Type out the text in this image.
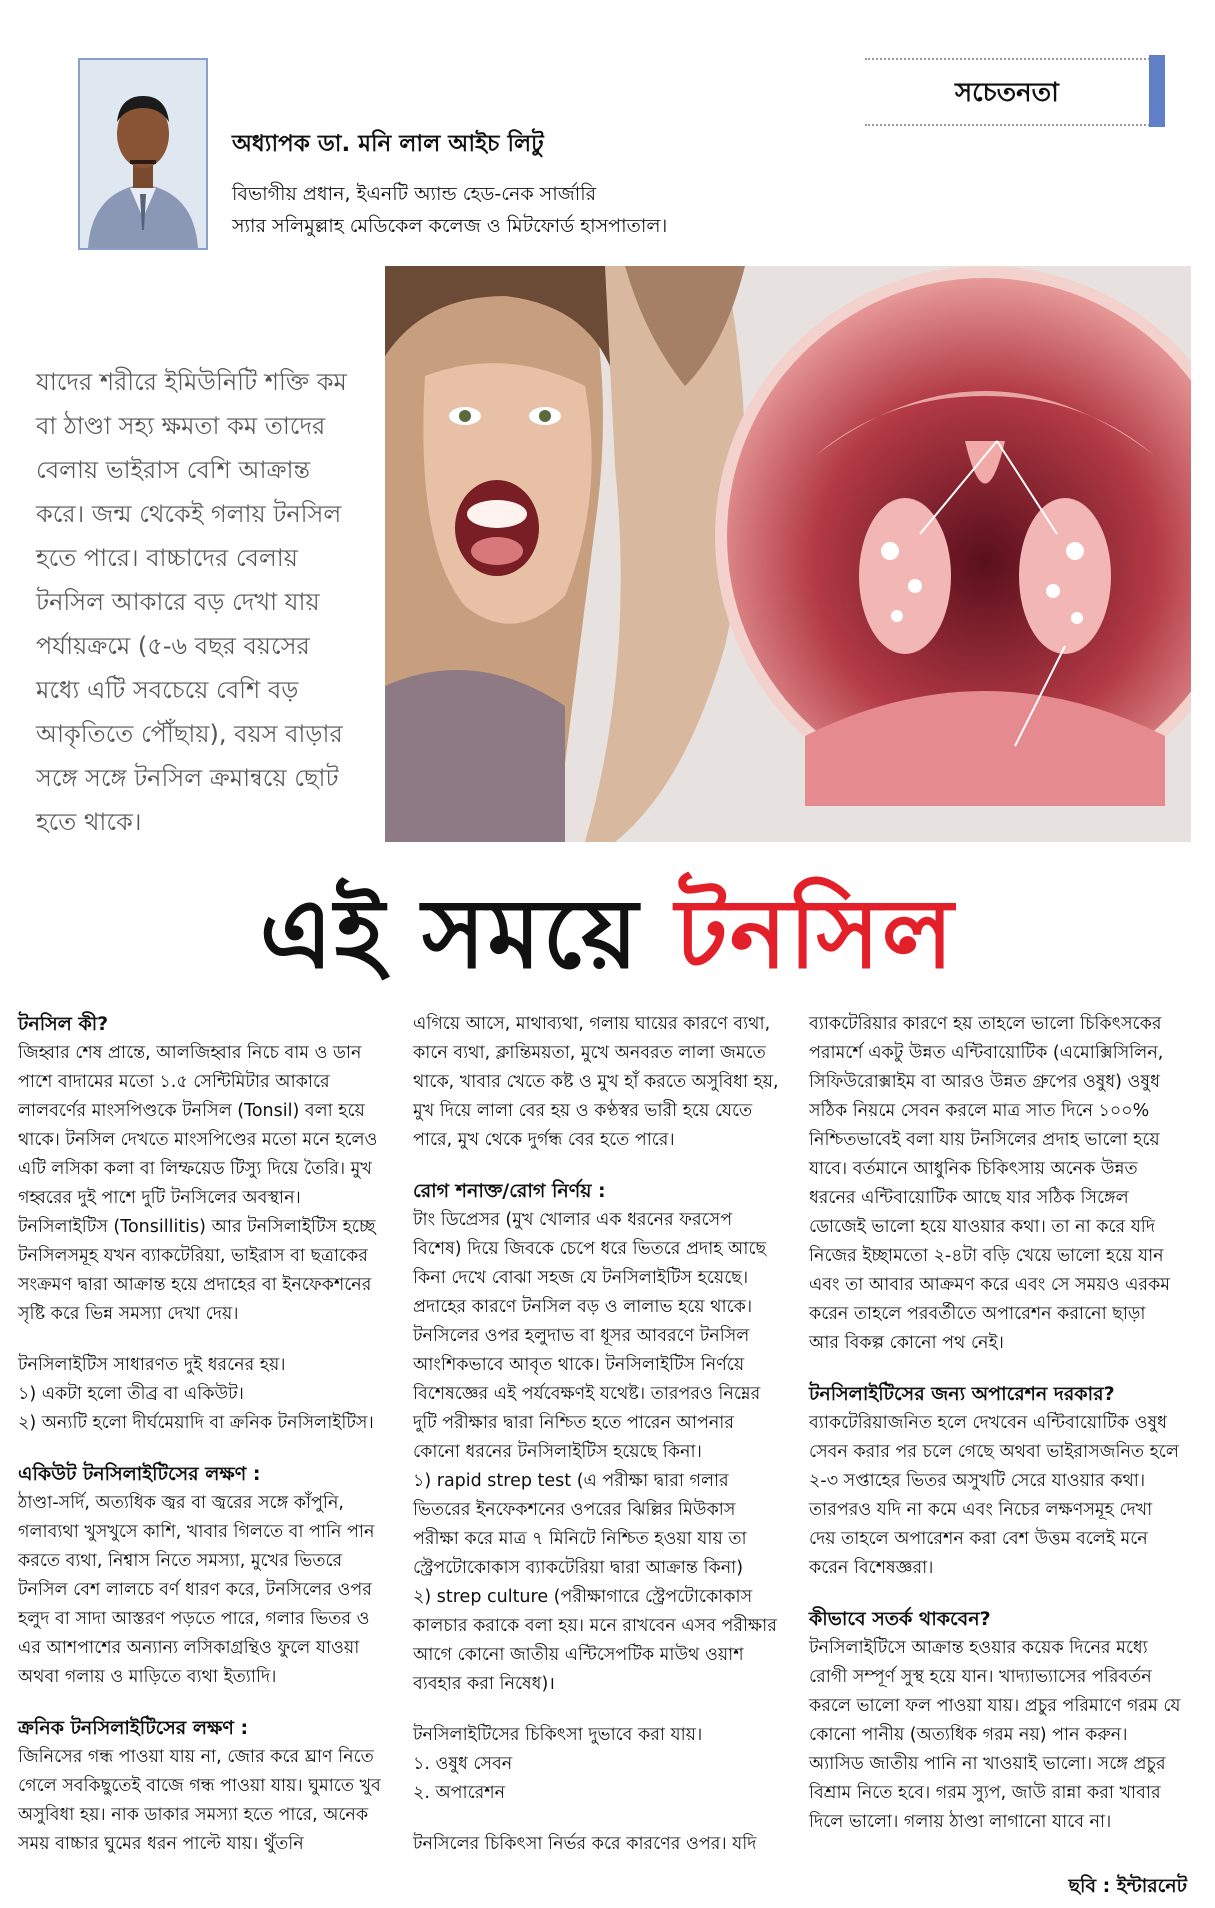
অধ্যাপক ডা. মনি লাল আইচ লিটু
বিভাগীয় প্রধান, ইএনটি অ্যান্ড হেড-নেক সার্জারি
স্যার সলিমুল্লাহ মেডিকেল কলেজ ও মিটফোর্ড হাসপাতাল।
সচেতনতা

যাদের শরীরে ইমিউনিটি শক্তি কম বা ঠাণ্ডা সহ্য ক্ষমতা কম তাদের বেলায় ভাইরাস বেশি আক্রান্ত করে। জন্ম থেকেই গলায় টনসিল হতে পারে। বাচ্চাদের বেলায় টনসিল আকারে বড় দেখা যায় পর্যায়ক্রমে (৫-৬ বছর বয়সের মধ্যে এটি সবচেয়ে বেশি বড় আকৃতিতে পৌঁছায়), বয়স বাড়ার সঙ্গে সঙ্গে টনসিল ক্রমান্বয়ে ছোট হতে থাকে।

এই সময়ে টনসিল

টনসিল কী?

জিহ্বার শেষ প্রান্তে, আলজিহ্বার নিচে বাম ও ডান পাশে বাদামের মতো ১.৫ সেন্টিমিটার আকারে লালবর্ণের মাংসপিণ্ডকে টনসিল (Tonsil) বলা হয়ে থাকে। টনসিল দেখতে মাংসপিণ্ডের মতো মনে হলেও এটি লসিকা কলা বা লিম্ফয়েড টিস্যু দিয়ে তৈরি। মুখ গহ্বরের দুই পাশে দুটি টনসিলের অবস্থান। টনসিলাইটিস (Tonsillitis) আর টনসিলাইটিস হচ্ছে টনসিলসমূহ যখন ব্যাকটেরিয়া, ভাইরাস বা ছত্রাকের সংক্রমণ দ্বারা আক্রান্ত হয়ে প্রদাহের বা ইনফেকশনের সৃষ্টি করে ভিন্ন সমস্যা দেখা দেয়।

টনসিলাইটিস সাধারণত দুই ধরনের হয়।

১) একটা হলো তীব্র বা একিউট।

২) অন্যটি হলো দীর্ঘমেয়াদি বা ক্রনিক টনসিলাইটিস।

একিউট টনসিলাইটিসের লক্ষণ :

ঠাণ্ডা-সর্দি, অত্যধিক জ্বর বা জ্বরের সঙ্গে কাঁপুনি, গলাব্যথা খুসখুসে কাশি, খাবার গিলতে বা পানি পান করতে ব্যথা, নিশ্বাস নিতে সমস্যা, মুখের ভিতরে টনসিল বেশ লালচে বর্ণ ধারণ করে, টনসিলের ওপর হলুদ বা সাদা আস্তরণ পড়তে পারে, গলার ভিতর ও এর আশপাশের অন্যান্য লসিকাগ্রন্থিও ফুলে যাওয়া অথবা গলায় ও মাড়িতে ব্যথা ইত্যাদি।

ক্রনিক টনসিলাইটিসের লক্ষণ :

জিনিসের গন্ধ পাওয়া যায় না, জোর করে ঘ্রাণ নিতে গেলে সবকিছুতেই বাজে গন্ধ পাওয়া যায়। ঘুমাতে খুব অসুবিধা হয়। নাক ডাকার সমস্যা হতে পারে, অনেক সময় বাচ্চার ঘুমের ধরন পাল্টে যায়। থুঁতনি

এগিয়ে আসে, মাথাব্যথা, গলায় ঘায়ের কারণে ব্যথা, কানে ব্যথা, ক্লান্তিময়তা, মুখে অনবরত লালা জমতে থাকে, খাবার খেতে কষ্ট ও মুখ হাঁ করতে অসুবিধা হয়, মুখ দিয়ে লালা বের হয় ও কণ্ঠস্বর ভারী হয়ে যেতে পারে, মুখ থেকে দুর্গন্ধ বের হতে পারে।

রোগ শনাক্ত/রোগ নির্ণয় :

টাং ডিপ্রেসর (মুখ খোলার এক ধরনের ফরসেপ বিশেষ) দিয়ে জিবকে চেপে ধরে ভিতরে প্রদাহ আছে কিনা দেখে বোঝা সহজ যে টনসিলাইটিস হয়েছে। প্রদাহের কারণে টনসিল বড় ও লালাভ হয়ে থাকে। টনসিলের ওপর হলুদাভ বা ধূসর আবরণে টনসিল আংশিকভাবে আবৃত থাকে। টনসিলাইটিস নির্ণয়ে বিশেষজ্ঞের এই পর্যবেক্ষণই যথেষ্ট। তারপরও নিম্নের দুটি পরীক্ষার দ্বারা নিশ্চিত হতে পারেন আপনার কোনো ধরনের টনসিলাইটিস হয়েছে কিনা।

১) rapid strep test (এ পরীক্ষা দ্বারা গলার ভিতরের ইনফেকশনের ওপরের ঝিল্লির মিউকাস পরীক্ষা করে মাত্র ৭ মিনিটে নিশ্চিত হওয়া যায় তা স্ট্রেপটোকোকাস ব্যাকটেরিয়া দ্বারা আক্রান্ত কিনা)

২) strep culture (পরীক্ষাগারে স্ট্রেপটোকোকাস কালচার করাকে বলা হয়। মনে রাখবেন এসব পরীক্ষার আগে কোনো জাতীয় এন্টিসেপটিক মাউথ ওয়াশ ব্যবহার করা নিষেধ)।

টনসিলাইটিসের চিকিৎসা দুভাবে করা যায়।

১. ওষুধ সেবন

২. অপারেশন

টনসিলের চিকিৎসা নির্ভর করে কারণের ওপর। যদি

ব্যাকটেরিয়ার কারণে হয় তাহলে ভালো চিকিৎসকের পরামর্শে একটু উন্নত এন্টিবায়োটিক (এমোক্সিসিলিন, সিফিউরোক্সাইম বা আরও উন্নত গ্রুপের ওষুধ) ওষুধ সঠিক নিয়মে সেবন করলে মাত্র সাত দিনে ১০০% নিশ্চিতভাবেই বলা যায় টনসিলের প্রদাহ ভালো হয়ে যাবে। বর্তমানে আধুনিক চিকিৎসায় অনেক উন্নত ধরনের এন্টিবায়োটিক আছে যার সঠিক সিঙ্গেল ডোজেই ভালো হয়ে যাওয়ার কথা। তা না করে যদি নিজের ইচ্ছামতো ২-৪টা বড়ি খেয়ে ভালো হয়ে যান এবং তা আবার আক্রমণ করে এবং সে সময়ও এরকম করেন তাহলে পরবর্তীতে অপারেশন করানো ছাড়া আর বিকল্প কোনো পথ নেই।

টনসিলাইটিসের জন্য অপারেশন দরকার?

ব্যাকটেরিয়াজনিত হলে দেখবেন এন্টিবায়োটিক ওষুধ সেবন করার পর চলে গেছে অথবা ভাইরাসজনিত হলে ২-৩ সপ্তাহের ভিতর অসুখটি সেরে যাওয়ার কথা। তারপরও যদি না কমে এবং নিচের লক্ষণসমূহ দেখা দেয় তাহলে অপারেশন করা বেশ উত্তম বলেই মনে করেন বিশেষজ্ঞরা।

কীভাবে সতর্ক থাকবেন?

টনসিলাইটিসে আক্রান্ত হওয়ার কয়েক দিনের মধ্যে রোগী সম্পূর্ণ সুস্থ হয়ে যান। খাদ্যাভ্যাসের পরিবর্তন করলে ভালো ফল পাওয়া যায়। প্রচুর পরিমাণে গরম যে কোনো পানীয় (অত্যধিক গরম নয়) পান করুন। অ্যাসিড জাতীয় পানি না খাওয়াই ভালো। সঙ্গে প্রচুর বিশ্রাম নিতে হবে। গরম স্যুপ, জাউ রান্না করা খাবার দিলে ভালো। গলায় ঠাণ্ডা লাগানো যাবে না।

ছবি : ইন্টারনেট
